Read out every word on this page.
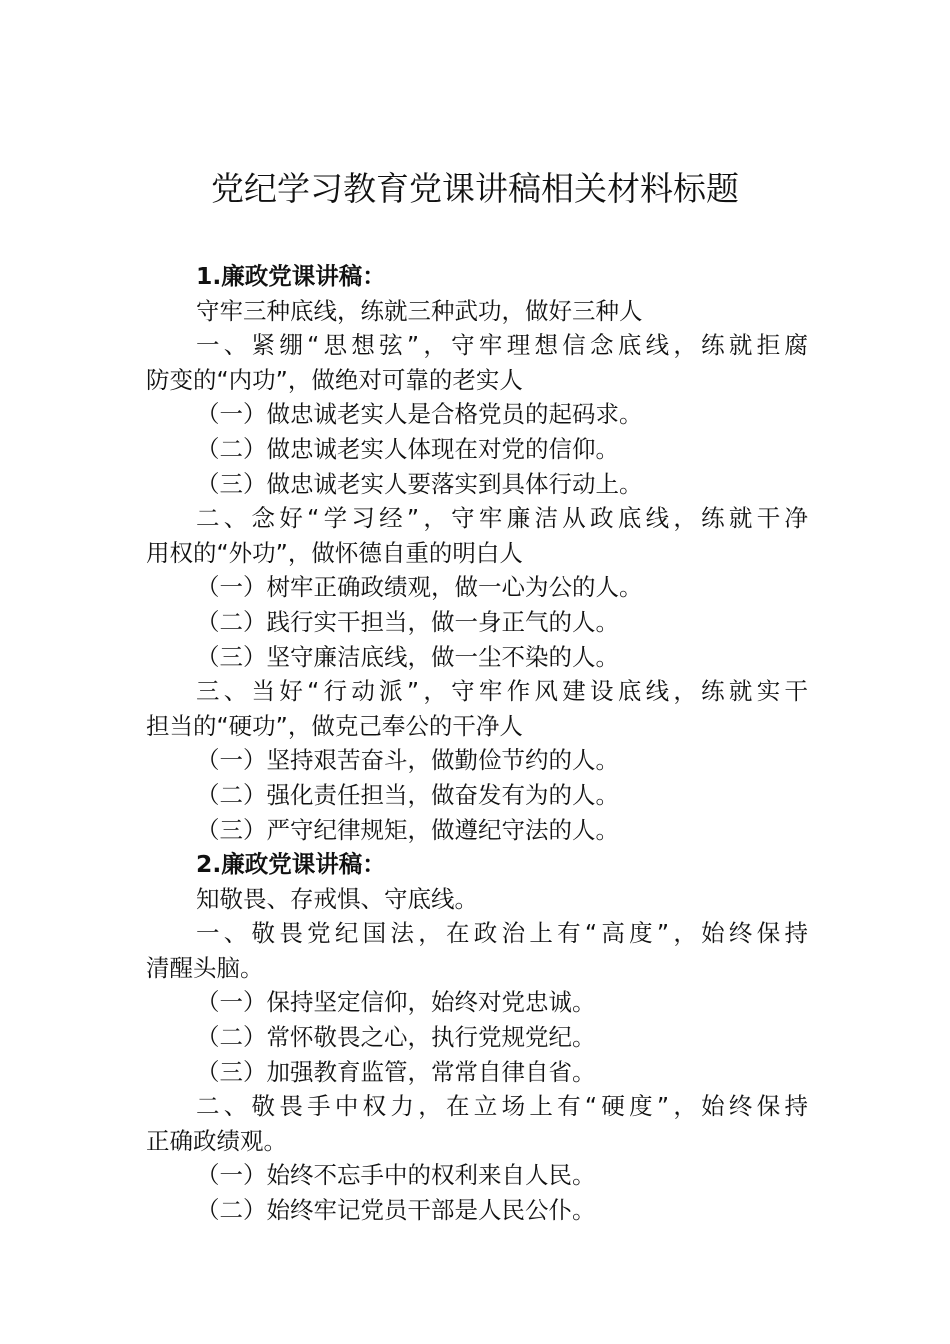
党纪学习教育党课讲稿相关材料标题

1.廉政党课讲稿：

守牢三种底线，练就三种武功，做好三种人

一、紧绷“思想弦”，守牢理想信念底线，练就拒腐

防变的“内功”，做绝对可靠的老实人

（一）做忠诚老实人是合格党员的起码求。

（二）做忠诚老实人体现在对党的信仰。

（三）做忠诚老实人要落实到具体行动上。

二、念好“学习经”，守牢廉洁从政底线，练就干净

用权的“外功”，做怀德自重的明白人

（一）树牢正确政绩观，做一心为公的人。

（二）践行实干担当，做一身正气的人。

（三）坚守廉洁底线，做一尘不染的人。

三、当好“行动派”，守牢作风建设底线，练就实干

担当的“硬功”，做克己奉公的干净人

（一）坚持艰苦奋斗，做勤俭节约的人。

（二）强化责任担当，做奋发有为的人。

（三）严守纪律规矩，做遵纪守法的人。

2.廉政党课讲稿：

知敬畏、存戒惧、守底线。

一、敬畏党纪国法，在政治上有“高度”，始终保持

清醒头脑。

（一）保持坚定信仰，始终对党忠诚。

（二）常怀敬畏之心，执行党规党纪。

（三）加强教育监管，常常自律自省。

二、敬畏手中权力，在立场上有“硬度”，始终保持

正确政绩观。

（一）始终不忘手中的权利来自人民。

（二）始终牢记党员干部是人民公仆。
